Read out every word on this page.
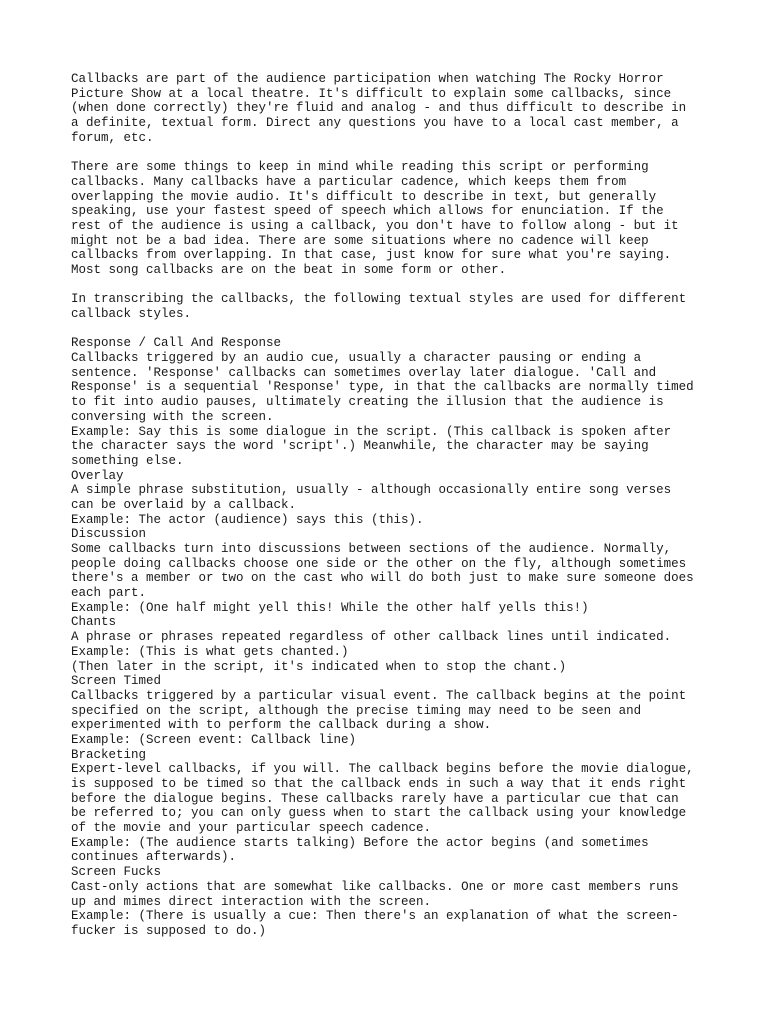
Callbacks are part of the audience participation when watching The Rocky Horror
Picture Show at a local theatre. It's difficult to explain some callbacks, since
(when done correctly) they're fluid and analog - and thus difficult to describe in
a definite, textual form. Direct any questions you have to a local cast member, a
forum, etc.
There are some things to keep in mind while reading this script or performing
callbacks. Many callbacks have a particular cadence, which keeps them from
overlapping the movie audio. It's difficult to describe in text, but generally
speaking, use your fastest speed of speech which allows for enunciation. If the
rest of the audience is using a callback, you don't have to follow along - but it
might not be a bad idea. There are some situations where no cadence will keep
callbacks from overlapping. In that case, just know for sure what you're saying.
Most song callbacks are on the beat in some form or other.
In transcribing the callbacks, the following textual styles are used for different
callback styles.
Response / Call And Response
Callbacks triggered by an audio cue, usually a character pausing or ending a
sentence. 'Response' callbacks can sometimes overlay later dialogue. 'Call and
Response' is a sequential 'Response' type, in that the callbacks are normally timed
to fit into audio pauses, ultimately creating the illusion that the audience is
conversing with the screen.
Example: Say this is some dialogue in the script. (This callback is spoken after
the character says the word 'script'.) Meanwhile, the character may be saying
something else.
Overlay
A simple phrase substitution, usually - although occasionally entire song verses
can be overlaid by a callback.
Example: The actor (audience) says this (this).
Discussion
Some callbacks turn into discussions between sections of the audience. Normally,
people doing callbacks choose one side or the other on the fly, although sometimes
there's a member or two on the cast who will do both just to make sure someone does
each part.
Example: (One half might yell this! While the other half yells this!)
Chants
A phrase or phrases repeated regardless of other callback lines until indicated.
Example: (This is what gets chanted.)
(Then later in the script, it's indicated when to stop the chant.)
Screen Timed
Callbacks triggered by a particular visual event. The callback begins at the point
specified on the script, although the precise timing may need to be seen and
experimented with to perform the callback during a show.
Example: (Screen event: Callback line)
Bracketing
Expert-level callbacks, if you will. The callback begins before the movie dialogue,
is supposed to be timed so that the callback ends in such a way that it ends right
before the dialogue begins. These callbacks rarely have a particular cue that can
be referred to; you can only guess when to start the callback using your knowledge
of the movie and your particular speech cadence.
Example: (The audience starts talking) Before the actor begins (and sometimes
continues afterwards).
Screen Fucks
Cast-only actions that are somewhat like callbacks. One or more cast members runs
up and mimes direct interaction with the screen.
Example: (There is usually a cue: Then there's an explanation of what the screen-
fucker is supposed to do.)
